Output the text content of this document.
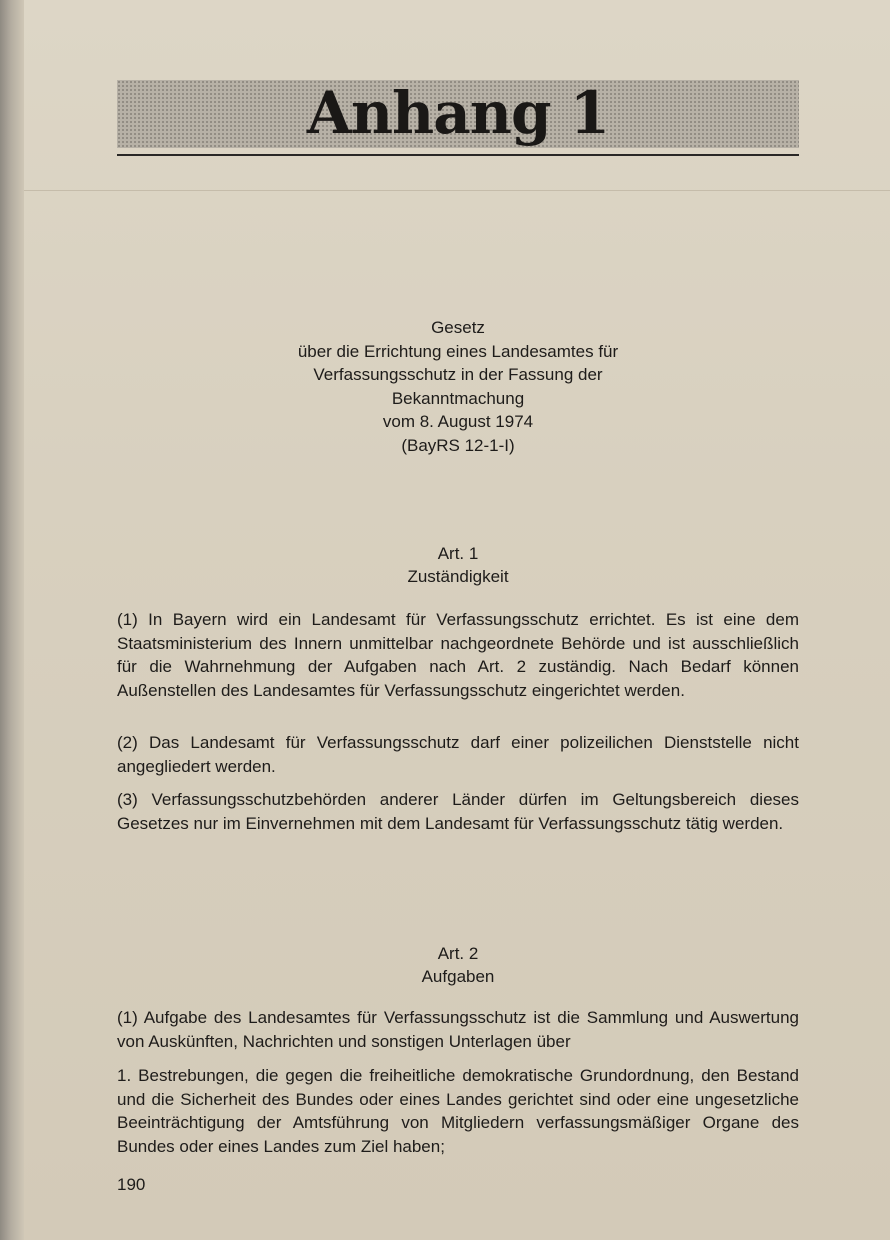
Anhang 1
Gesetz
über die Errichtung eines Landesamtes für
Verfassungsschutz in der Fassung der
Bekanntmachung
vom 8. August 1974
(BayRS 12-1-I)
Art. 1
Zuständigkeit

(1) In Bayern wird ein Landesamt für Verfassungsschutz errichtet. Es ist eine dem Staatsministerium des Innern unmittelbar nachgeordnete Behörde und ist ausschließlich für die Wahrnehmung der Aufgaben nach Art. 2 zuständig. Nach Bedarf können Außenstellen des Landesamtes für Verfassungsschutz eingerichtet werden.

(2) Das Landesamt für Verfassungsschutz darf einer polizeilichen Dienststelle nicht angegliedert werden.

(3) Verfassungsschutzbehörden anderer Länder dürfen im Geltungsbereich dieses Gesetzes nur im Einvernehmen mit dem Landesamt für Verfassungsschutz tätig werden.

Art. 2
Aufgaben

(1) Aufgabe des Landesamtes für Verfassungsschutz ist die Sammlung und Auswertung von Auskünften, Nachrichten und sonstigen Unterlagen über

1. Bestrebungen, die gegen die freiheitliche demokratische Grundordnung, den Bestand und die Sicherheit des Bundes oder eines Landes gerichtet sind oder eine ungesetzliche Beeinträchtigung der Amtsführung von Mitgliedern verfassungsmäßiger Organe des Bundes oder eines Landes zum Ziel haben;

190
